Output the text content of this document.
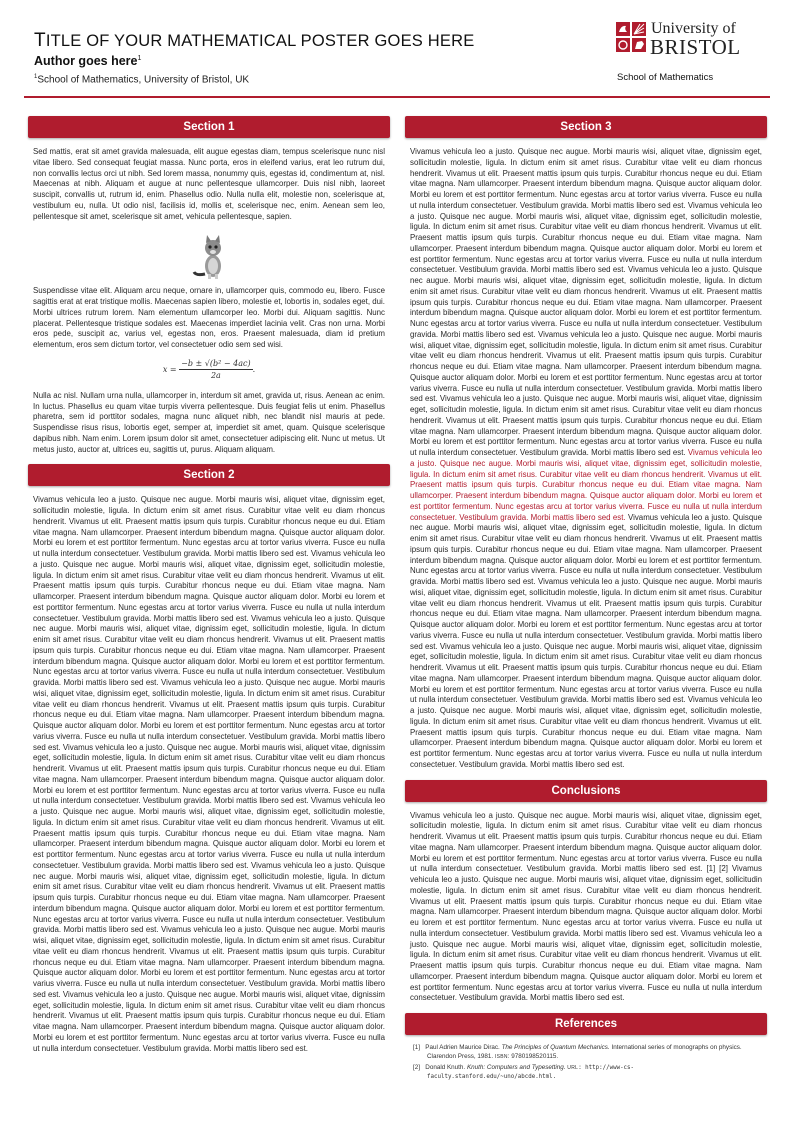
TITLE OF YOUR MATHEMATICAL POSTER GOES HERE
Author goes here$^1$
$^1$School of Mathematics, University of Bristol, UK
University of
BRISTOL
School of Mathematics
Section 1

Sed mattis, erat sit amet gravida malesuada, elit augue egestas diam, tempus scelerisque nunc nisl vitae libero. Sed consequat feugiat massa. Nunc porta, eros in eleifend varius, erat leo rutrum dui, non convallis lectus orci ut nibh. Sed lorem massa, nonummy quis, egestas id, condimentum at, nisl. Maecenas at nibh. Aliquam et augue at nunc pellentesque ullamcorper. Duis nisl nibh, laoreet suscipit, convallis ut, rutrum id, enim. Phasellus odio. Nulla nulla elit, molestie non, scelerisque at, vestibulum eu, nulla. Ut odio nisl, facilisis id, mollis et, scelerisque nec, enim. Aenean sem leo, pellentesque sit amet, scelerisque sit amet, vehicula pellentesque, sapien.

Suspendisse vitae elit. Aliquam arcu neque, ornare in, ullamcorper quis, commodo eu, libero. Fusce sagittis erat at erat tristique mollis. Maecenas sapien libero, molestie et, lobortis in, sodales eget, dui. Morbi ultrices rutrum lorem. Nam elementum ullamcorper leo. Morbi dui. Aliquam sagittis. Nunc placerat. Pellentesque tristique sodales est. Maecenas imperdiet lacinia velit. Cras non urna. Morbi eros pede, suscipit ac, varius vel, egestas non, eros. Praesent malesuada, diam id pretium elementum, eros sem dictum tortor, vel consectetuer odio sem sed wisi.

$x = \frac{\text{−b ± √(b² − 4ac)}}{2a}$ .

Nulla ac nisl. Nullam urna nulla, ullamcorper in, interdum sit amet, gravida ut, risus. Aenean ac enim. In luctus. Phasellus eu quam vitae turpis viverra pellentesque. Duis feugiat felis ut enim. Phasellus pharetra, sem id porttitor sodales, magna nunc aliquet nibh, nec blandit nisl mauris at pede. Suspendisse risus risus, lobortis eget, semper at, imperdiet sit amet, quam. Quisque scelerisque dapibus nibh. Nam enim. Lorem ipsum dolor sit amet, consectetuer adipiscing elit. Nunc ut metus. Ut metus justo, auctor at, ultrices eu, sagittis ut, purus. Aliquam aliquam.

Section 2

Vivamus vehicula leo a justo. Quisque nec augue. Morbi mauris wisi, aliquet vitae, dignissim eget, sollicitudin molestie, ligula. In dictum enim sit amet risus. Curabitur vitae velit eu diam rhoncus hendrerit. Vivamus ut elit. Praesent mattis ipsum quis turpis. Curabitur rhoncus neque eu dui. Etiam vitae magna. Nam ullamcorper. Praesent interdum bibendum magna. Quisque auctor aliquam dolor. Morbi eu lorem et est porttitor fermentum. Nunc egestas arcu at tortor varius viverra. Fusce eu nulla ut nulla interdum consectetuer. Vestibulum gravida. Morbi mattis libero sed est. Vivamus vehicula leo a justo. Quisque nec augue. Morbi mauris wisi, aliquet vitae, dignissim eget, sollicitudin molestie, ligula. In dictum enim sit amet risus. Curabitur vitae velit eu diam rhoncus hendrerit. Vivamus ut elit. Praesent mattis ipsum quis turpis. Curabitur rhoncus neque eu dui. Etiam vitae magna. Nam ullamcorper. Praesent interdum bibendum magna. Quisque auctor aliquam dolor. Morbi eu lorem et est porttitor fermentum. Nunc egestas arcu at tortor varius viverra. Fusce eu nulla ut nulla interdum consectetuer. Vestibulum gravida. Morbi mattis libero sed est. Vivamus vehicula leo a justo. Quisque nec augue. Morbi mauris wisi, aliquet vitae, dignissim eget, sollicitudin molestie, ligula. In dictum enim sit amet risus. Curabitur vitae velit eu diam rhoncus hendrerit. Vivamus ut elit. Praesent mattis ipsum quis turpis. Curabitur rhoncus neque eu dui. Etiam vitae magna. Nam ullamcorper. Praesent interdum bibendum magna. Quisque auctor aliquam dolor. Morbi eu lorem et est porttitor fermentum. Nunc egestas arcu at tortor varius viverra. Fusce eu nulla ut nulla interdum consectetuer. Vestibulum gravida. Morbi mattis libero sed est. Vivamus vehicula leo a justo. Quisque nec augue. Morbi mauris wisi, aliquet vitae, dignissim eget, sollicitudin molestie, ligula. In dictum enim sit amet risus. Curabitur vitae velit eu diam rhoncus hendrerit. Vivamus ut elit. Praesent mattis ipsum quis turpis. Curabitur rhoncus neque eu dui. Etiam vitae magna. Nam ullamcorper. Praesent interdum bibendum magna. Quisque auctor aliquam dolor. Morbi eu lorem et est porttitor fermentum. Nunc egestas arcu at tortor varius viverra. Fusce eu nulla ut nulla interdum consectetuer. Vestibulum gravida. Morbi mattis libero sed est. Vivamus vehicula leo a justo. Quisque nec augue. Morbi mauris wisi, aliquet vitae, dignissim eget, sollicitudin molestie, ligula. In dictum enim sit amet risus. Curabitur vitae velit eu diam rhoncus hendrerit. Vivamus ut elit. Praesent mattis ipsum quis turpis. Curabitur rhoncus neque eu dui. Etiam vitae magna. Nam ullamcorper. Praesent interdum bibendum magna. Quisque auctor aliquam dolor. Morbi eu lorem et est porttitor fermentum. Nunc egestas arcu at tortor varius viverra. Fusce eu nulla ut nulla interdum consectetuer. Vestibulum gravida. Morbi mattis libero sed est. Vivamus vehicula leo a justo. Quisque nec augue. Morbi mauris wisi, aliquet vitae, dignissim eget, sollicitudin molestie, ligula. In dictum enim sit amet risus. Curabitur vitae velit eu diam rhoncus hendrerit. Vivamus ut elit. Praesent mattis ipsum quis turpis. Curabitur rhoncus neque eu dui. Etiam vitae magna. Nam ullamcorper. Praesent interdum bibendum magna. Quisque auctor aliquam dolor. Morbi eu lorem et est porttitor fermentum. Nunc egestas arcu at tortor varius viverra. Fusce eu nulla ut nulla interdum consectetuer. Vestibulum gravida. Morbi mattis libero sed est. Vivamus vehicula leo a justo. Quisque nec augue. Morbi mauris wisi, aliquet vitae, dignissim eget, sollicitudin molestie, ligula. In dictum enim sit amet risus. Curabitur vitae velit eu diam rhoncus hendrerit. Vivamus ut elit. Praesent mattis ipsum quis turpis. Curabitur rhoncus neque eu dui. Etiam vitae magna. Nam ullamcorper. Praesent interdum bibendum magna. Quisque auctor aliquam dolor. Morbi eu lorem et est porttitor fermentum. Nunc egestas arcu at tortor varius viverra. Fusce eu nulla ut nulla interdum consectetuer. Vestibulum gravida. Morbi mattis libero sed est. Vivamus vehicula leo a justo. Quisque nec augue. Morbi mauris wisi, aliquet vitae, dignissim eget, sollicitudin molestie, ligula. In dictum enim sit amet risus. Curabitur vitae velit eu diam rhoncus hendrerit. Vivamus ut elit. Praesent mattis ipsum quis turpis. Curabitur rhoncus neque eu dui. Etiam vitae magna. Nam ullamcorper. Praesent interdum bibendum magna. Quisque auctor aliquam dolor. Morbi eu lorem et est porttitor fermentum. Nunc egestas arcu at tortor varius viverra. Fusce eu nulla ut nulla interdum consectetuer. Vestibulum gravida. Morbi mattis libero sed est. Vivamus vehicula leo a justo. Quisque nec augue. Morbi mauris wisi, aliquet vitae, dignissim eget, sollicitudin molestie, ligula. In dictum enim sit amet risus. Curabitur vitae velit eu diam rhoncus hendrerit. Vivamus ut elit. Praesent mattis ipsum quis turpis. Curabitur rhoncus neque eu dui. Etiam vitae magna. Nam ullamcorper. Praesent interdum bibendum magna. Quisque auctor aliquam dolor. Morbi eu lorem et est porttitor fermentum. Nunc egestas arcu at tortor varius viverra. Fusce eu nulla ut nulla interdum consectetuer. Vestibulum gravida. Morbi mattis libero sed est.

Section 3

Vivamus vehicula leo a justo. Quisque nec augue. Morbi mauris wisi, aliquet vitae, dignissim eget, sollicitudin molestie, ligula. In dictum enim sit amet risus. Curabitur vitae velit eu diam rhoncus hendrerit. Vivamus ut elit. Praesent mattis ipsum quis turpis. Curabitur rhoncus neque eu dui. Etiam vitae magna. Nam ullamcorper. Praesent interdum bibendum magna. Quisque auctor aliquam dolor. Morbi eu lorem et est porttitor fermentum. Nunc egestas arcu at tortor varius viverra. Fusce eu nulla ut nulla interdum consectetuer. Vestibulum gravida. Morbi mattis libero sed est. Vivamus vehicula leo a justo. Quisque nec augue. Morbi mauris wisi, aliquet vitae, dignissim eget, sollicitudin molestie, ligula. In dictum enim sit amet risus. Curabitur vitae velit eu diam rhoncus hendrerit. Vivamus ut elit. Praesent mattis ipsum quis turpis. Curabitur rhoncus neque eu dui. Etiam vitae magna. Nam ullamcorper. Praesent interdum bibendum magna. Quisque auctor aliquam dolor. Morbi eu lorem et est porttitor fermentum. Nunc egestas arcu at tortor varius viverra. Fusce eu nulla ut nulla interdum consectetuer. Vestibulum gravida. Morbi mattis libero sed est. Vivamus vehicula leo a justo. Quisque nec augue. Morbi mauris wisi, aliquet vitae, dignissim eget, sollicitudin molestie, ligula. In dictum enim sit amet risus. Curabitur vitae velit eu diam rhoncus hendrerit. Vivamus ut elit. Praesent mattis ipsum quis turpis. Curabitur rhoncus neque eu dui. Etiam vitae magna. Nam ullamcorper. Praesent interdum bibendum magna. Quisque auctor aliquam dolor. Morbi eu lorem et est porttitor fermentum. Nunc egestas arcu at tortor varius viverra. Fusce eu nulla ut nulla interdum consectetuer. Vestibulum gravida. Morbi mattis libero sed est. Vivamus vehicula leo a justo. Quisque nec augue. Morbi mauris wisi, aliquet vitae, dignissim eget, sollicitudin molestie, ligula. In dictum enim sit amet risus. Curabitur vitae velit eu diam rhoncus hendrerit. Vivamus ut elit. Praesent mattis ipsum quis turpis. Curabitur rhoncus neque eu dui. Etiam vitae magna. Nam ullamcorper. Praesent interdum bibendum magna. Quisque auctor aliquam dolor. Morbi eu lorem et est porttitor fermentum. Nunc egestas arcu at tortor varius viverra. Fusce eu nulla ut nulla interdum consectetuer. Vestibulum gravida. Morbi mattis libero sed est. Vivamus vehicula leo a justo. Quisque nec augue. Morbi mauris wisi, aliquet vitae, dignissim eget, sollicitudin molestie, ligula. In dictum enim sit amet risus. Curabitur vitae velit eu diam rhoncus hendrerit. Vivamus ut elit. Praesent mattis ipsum quis turpis. Curabitur rhoncus neque eu dui. Etiam vitae magna. Nam ullamcorper. Praesent interdum bibendum magna. Quisque auctor aliquam dolor. Morbi eu lorem et est porttitor fermentum. Nunc egestas arcu at tortor varius viverra. Fusce eu nulla ut nulla interdum consectetuer. Vestibulum gravida. Morbi mattis libero sed est. Vivamus vehicula leo a justo. Quisque nec augue. Morbi mauris wisi, aliquet vitae, dignissim eget, sollicitudin molestie, ligula. In dictum enim sit amet risus. Curabitur vitae velit eu diam rhoncus hendrerit. Vivamus ut elit. Praesent mattis ipsum quis turpis. Curabitur rhoncus neque eu dui. Etiam vitae magna. Nam ullamcorper. Praesent interdum bibendum magna. Quisque auctor aliquam dolor. Morbi eu lorem et est porttitor fermentum. Nunc egestas arcu at tortor varius viverra. Fusce eu nulla ut nulla interdum consectetuer. Vestibulum gravida. Morbi mattis libero sed est. Vivamus vehicula leo a justo. Quisque nec augue. Morbi mauris wisi, aliquet vitae, dignissim eget, sollicitudin molestie, ligula. In dictum enim sit amet risus. Curabitur vitae velit eu diam rhoncus hendrerit. Vivamus ut elit. Praesent mattis ipsum quis turpis. Curabitur rhoncus neque eu dui. Etiam vitae magna. Nam ullamcorper. Praesent interdum bibendum magna. Quisque auctor aliquam dolor. Morbi eu lorem et est porttitor fermentum. Nunc egestas arcu at tortor varius viverra. Fusce eu nulla ut nulla interdum consectetuer. Vestibulum gravida. Morbi mattis libero sed est. Vivamus vehicula leo a justo. Quisque nec augue. Morbi mauris wisi, aliquet vitae, dignissim eget, sollicitudin molestie, ligula. In dictum enim sit amet risus. Curabitur vitae velit eu diam rhoncus hendrerit. Vivamus ut elit. Praesent mattis ipsum quis turpis. Curabitur rhoncus neque eu dui. Etiam vitae magna. Nam ullamcorper. Praesent interdum bibendum magna. Quisque auctor aliquam dolor. Morbi eu lorem et est porttitor fermentum. Nunc egestas arcu at tortor varius viverra. Fusce eu nulla ut nulla interdum consectetuer. Vestibulum gravida. Morbi mattis libero sed est. Vivamus vehicula leo a justo. Quisque nec augue. Morbi mauris wisi, aliquet vitae, dignissim eget, sollicitudin molestie, ligula. In dictum enim sit amet risus. Curabitur vitae velit eu diam rhoncus hendrerit. Vivamus ut elit. Praesent mattis ipsum quis turpis. Curabitur rhoncus neque eu dui. Etiam vitae magna. Nam ullamcorper. Praesent interdum bibendum magna. Quisque auctor aliquam dolor. Morbi eu lorem et est porttitor fermentum. Nunc egestas arcu at tortor varius viverra. Fusce eu nulla ut nulla interdum consectetuer. Vestibulum gravida. Morbi mattis libero sed est. Vivamus vehicula leo a justo. Quisque nec augue. Morbi mauris wisi, aliquet vitae, dignissim eget, sollicitudin molestie, ligula. In dictum enim sit amet risus. Curabitur vitae velit eu diam rhoncus hendrerit. Vivamus ut elit. Praesent mattis ipsum quis turpis. Curabitur rhoncus neque eu dui. Etiam vitae magna. Nam ullamcorper. Praesent interdum bibendum magna. Quisque auctor aliquam dolor. Morbi eu lorem et est porttitor fermentum. Nunc egestas arcu at tortor varius viverra. Fusce eu nulla ut nulla interdum consectetuer. Vestibulum gravida. Morbi mattis libero sed est.

Conclusions

Vivamus vehicula leo a justo. Quisque nec augue. Morbi mauris wisi, aliquet vitae, dignissim eget, sollicitudin molestie, ligula. In dictum enim sit amet risus. Curabitur vitae velit eu diam rhoncus hendrerit. Vivamus ut elit. Praesent mattis ipsum quis turpis. Curabitur rhoncus neque eu dui. Etiam vitae magna. Nam ullamcorper. Praesent interdum bibendum magna. Quisque auctor aliquam dolor. Morbi eu lorem et est porttitor fermentum. Nunc egestas arcu at tortor varius viverra. Fusce eu nulla ut nulla interdum consectetuer. Vestibulum gravida. Morbi mattis libero sed est. [1] [2] Vivamus vehicula leo a justo. Quisque nec augue. Morbi mauris wisi, aliquet vitae, dignissim eget, sollicitudin molestie, ligula. In dictum enim sit amet risus. Curabitur vitae velit eu diam rhoncus hendrerit. Vivamus ut elit. Praesent mattis ipsum quis turpis. Curabitur rhoncus neque eu dui. Etiam vitae magna. Nam ullamcorper. Praesent interdum bibendum magna. Quisque auctor aliquam dolor. Morbi eu lorem et est porttitor fermentum. Nunc egestas arcu at tortor varius viverra. Fusce eu nulla ut nulla interdum consectetuer. Vestibulum gravida. Morbi mattis libero sed est. Vivamus vehicula leo a justo. Quisque nec augue. Morbi mauris wisi, aliquet vitae, dignissim eget, sollicitudin molestie, ligula. In dictum enim sit amet risus. Curabitur vitae velit eu diam rhoncus hendrerit. Vivamus ut elit. Praesent mattis ipsum quis turpis. Curabitur rhoncus neque eu dui. Etiam vitae magna. Nam ullamcorper. Praesent interdum bibendum magna. Quisque auctor aliquam dolor. Morbi eu lorem et est porttitor fermentum. Nunc egestas arcu at tortor varius viverra. Fusce eu nulla ut nulla interdum consectetuer. Vestibulum gravida. Morbi mattis libero sed est.

References
[1] Paul Adrien Maurice Dirac. The Principles of Quantum Mechanics. International series of monographs on physics. Clarendon Press, 1981. ISBN: 9780198520115.
[2] Donald Knuth. Knuth: Computers and Typesetting. URL: http://www-cs-faculty.stanford.edu/~uno/abcde.html.
